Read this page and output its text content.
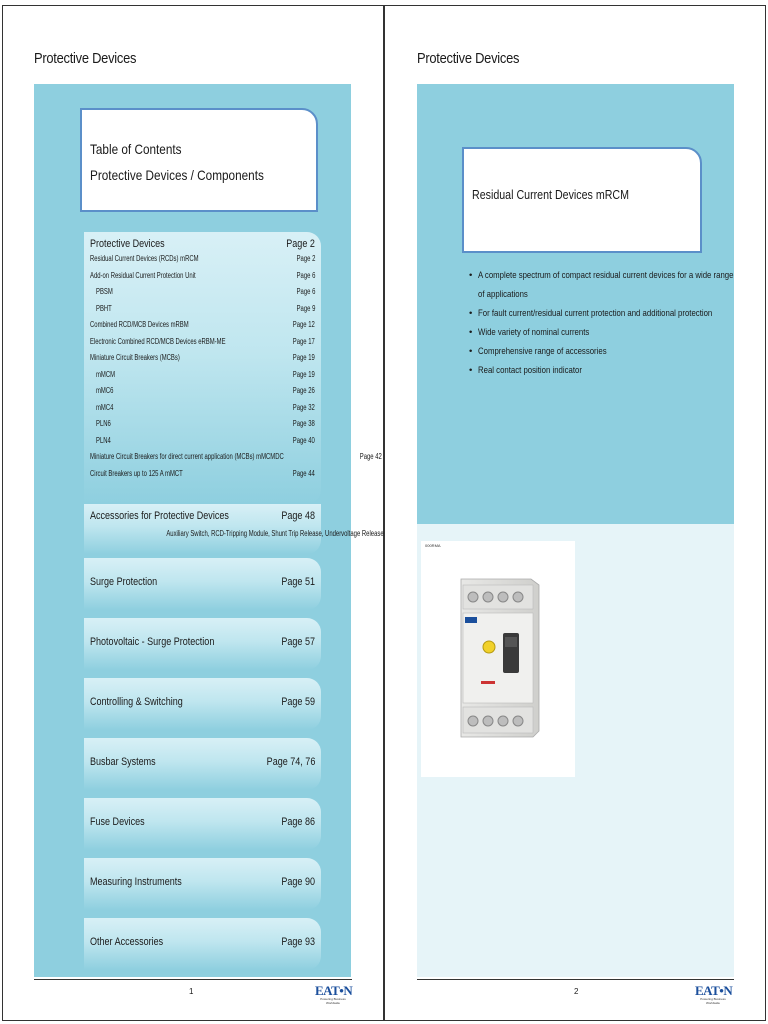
Protective Devices
Table of Contents
Protective Devices / Components
Protective Devices	Page 2
Residual Current Devices (RCDs) mRCM	Page 2
Add-on Residual Current Protection Unit	Page 6
PBSM	Page 6
PBHT	Page 9
Combined RCD/MCB Devices mRBM	Page 12
Electronic Combined RCD/MCB Devices eRBM-ME	Page 17
Miniature Circuit Breakers (MCBs)	Page 19
mMCM	Page 19
mMC6	Page 26
mMC4	Page 32
PLN6	Page 38
PLN4	Page 40
Miniature Circuit Breakers for direct current application (MCBs) mMCMDC	Page 42
Circuit Breakers up to 125 A mMCT	Page 44
Accessories for Protective Devices	Page 48
Auxiliary Switch, RCD-Tripping Module, Shunt Trip Release, Undervoltage Release
Surge Protection	Page 51
Photovoltaic - Surge Protection	Page 57
Controlling & Switching	Page 59
Busbar Systems	Page 74, 76
Fuse Devices	Page 86
Measuring Instruments	Page 90
Other Accessories	Page 93
1	EAT•N
Powering Business Worldwide
Protective Devices
Residual Current Devices mRCM
• A complete spectrum of compact residual current devices for a wide range of applications
• For fault current/residual current protection and additional protection
• Wide variety of nominal currents
• Comprehensive range of accessories
• Real contact position indicator
000RMA
2	EAT•N
Powering Business Worldwide
